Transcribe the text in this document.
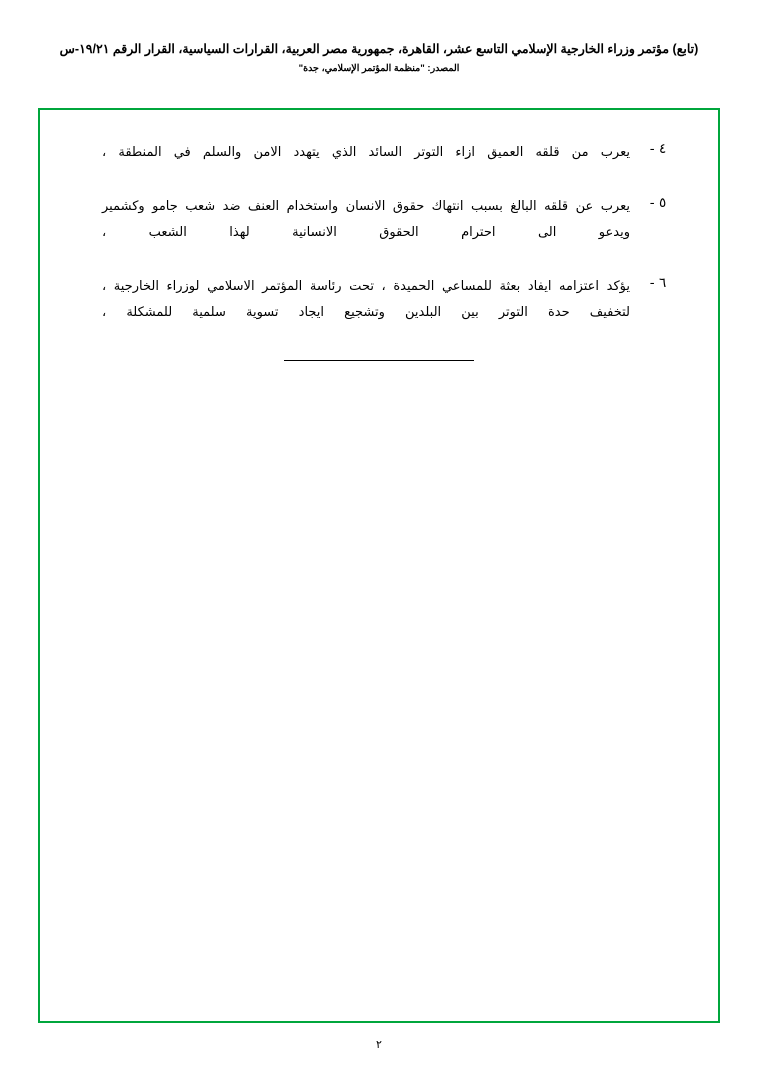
(تابع) مؤتمر وزراء الخارجية الإسلامي التاسع عشر، القاهرة، جمهورية مصر العربية، القرارات السياسية، القرار الرقم ١٩/٢١-س
المصدر: "منظمة المؤتمر الإسلامي، جدة"
٤ -
يعرب من قلقه العميق ازاء التوتر السائد الذي يتهدد الامن والسلم في المنطقة ،
٥ -
يعرب عن قلقه البالغ بسبب انتهاك حقوق الانسان واستخدام العنف ضد شعب جامو وكشمير ويدعو الى احترام الحقوق الانسانية لهذا الشعب ،
٦ -
يؤكد اعتزامه ايفاد بعثة للمساعي الحميدة ، تحت رئاسة المؤتمر الاسلامي لوزراء الخارجية ، لتخفيف حدة التوتر بين البلدين وتشجيع ايجاد تسوية سلمية للمشكلة ،
٢
